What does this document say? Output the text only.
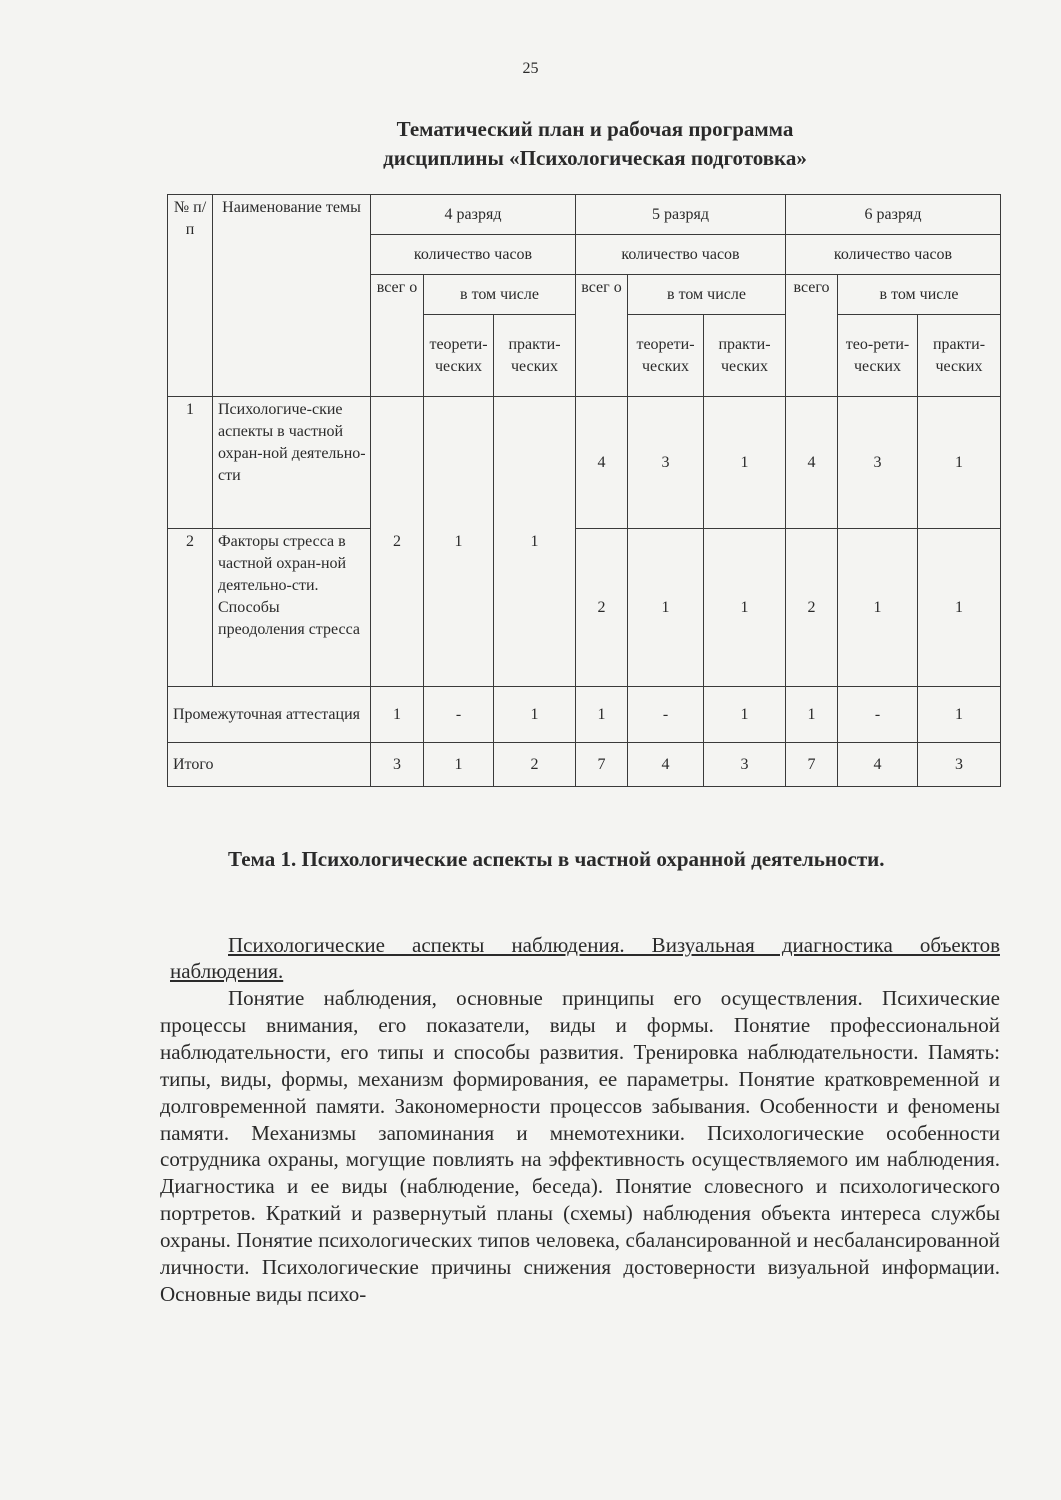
25
Тематический план и рабочая программа
дисциплины «Психологическая подготовка»
№ п/п	Наименование темы	4 разряд			5 разряд			6 разряд		
		количество часов			количество часов			количество часов		
		всег о	в том числе		всег о	в том числе		всего	в том числе	
			теорети-ческих	практи-ческих		теорети-ческих	практи-ческих		тео-рети-ческих	практи-ческих
1	Психологиче-ские аспекты в частной охран-ной деятельно-сти	2	1	1	4	3	1	4	3	1
2	Факторы стресса в частной охран-ной деятельно-сти. Способы преодоления стресса				2	1	1	2	1	1
Промежуточная аттестация		1	-	1	1	-	1	1	-	1
Итого		3	1	2	7	4	3	7	4	3
Тема 1. Психологические аспекты в частной охранной деятельности.
Психологические аспекты наблюдения. Визуальная диагностика объектов наблюдения.
Понятие наблюдения, основные принципы его осуществления. Психические процессы внимания, его показатели, виды и формы. Понятие профессиональной наблюдательности, его типы и способы развития. Тренировка наблюдательности. Память: типы, виды, формы, механизм формирования, ее параметры. Понятие кратковременной и долговременной памяти. Закономерности процессов забывания. Особенности и феномены памяти. Механизмы запоминания и мнемотехники. Психологические особенности сотрудника охраны, могущие повлиять на эффективность осуществляемого им наблюдения. Диагностика и ее виды (наблюдение, беседа). Понятие словесного и психологического портретов. Краткий и развернутый планы (схемы) наблюдения объекта интереса службы охраны. Понятие психологических типов человека, сбалансированной и несбалансированной личности. Психологические причины снижения достоверности визуальной информации. Основные виды психо-
